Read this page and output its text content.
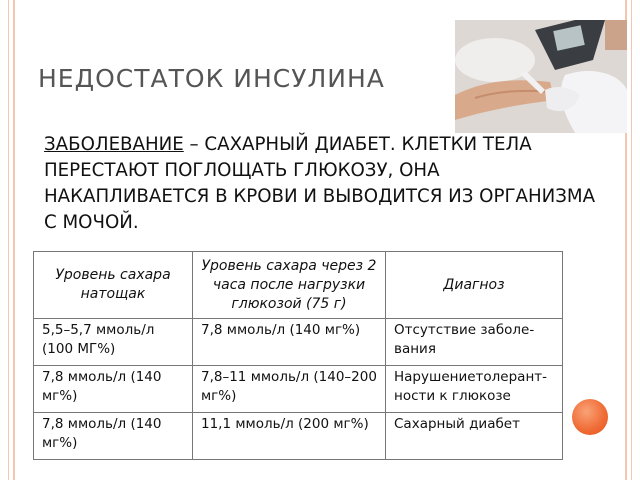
НЕДОСТАТОК ИНСУЛИНА
ЗАБОЛЕВАНИЕ – САХАРНЫЙ ДИАБЕТ. КЛЕТКИ ТЕЛА ПЕРЕСТАЮТ ПОГЛОЩАТЬ ГЛЮКОЗУ, ОНА НАКАПЛИВАЕТСЯ В КРОВИ И ВЫВОДИТСЯ ИЗ ОРГАНИЗМА С МОЧОЙ.
Уровень сахара натощак	Уровень сахара через 2 часа после нагрузки глюкозой (75 г)	Диагноз
5,5–5,7 ммоль/л (100 МГ%)	7,8 ммоль/л (140 мг%)	Отсутствие заболе-вания
7,8 ммоль/л (140 мг%)	7,8–11 ммоль/л (140–200 мг%)	Нарушениетолерант-ности к глюкозе
7,8 ммоль/л (140 мг%)	11,1 ммоль/л (200 мг%)	Сахарный диабет
